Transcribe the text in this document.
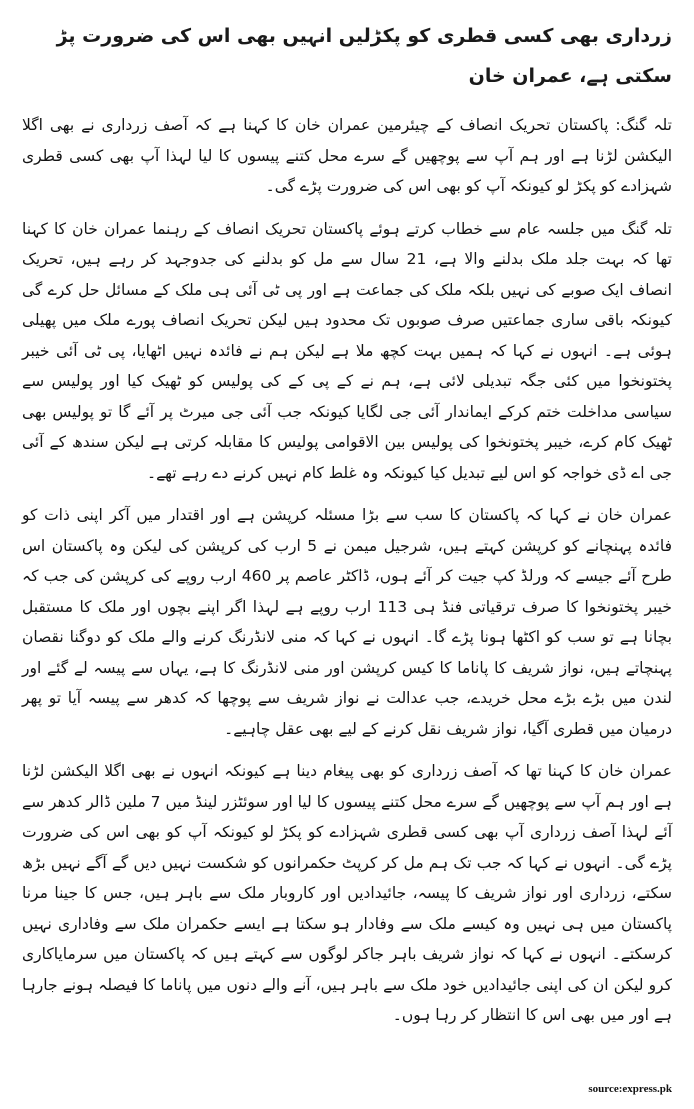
زرداری بھی کسی قطری کو پکڑلیں انہیں بھی اس کی ضرورت پڑ سکتی ہے، عمران خان

تلہ گنگ: پاکستان تحریک انصاف کے چیئرمین عمران خان کا کہنا ہے کہ آصف زرداری نے بھی اگلا الیکشن لڑنا ہے اور ہم آپ سے پوچھیں گے سرے محل کتنے پیسوں کا لیا لہذا آپ بھی کسی قطری شہزادے کو پکڑ لو کیونکہ آپ کو بھی اس کی ضرورت پڑے گی۔

تلہ گنگ میں جلسہ عام سے خطاب کرتے ہوئے پاکستان تحریک انصاف کے رہنما عمران خان کا کہنا تھا کہ بہت جلد ملک بدلنے والا ہے، 21 سال سے مل کو بدلنے کی جدوجہد کر رہے ہیں، تحریک انصاف ایک صوبے کی نہیں بلکہ ملک کی جماعت ہے اور پی ٹی آئی ہی ملک کے مسائل حل کرے گی کیونکہ باقی ساری جماعتیں صرف صوبوں تک محدود ہیں لیکن تحریک انصاف پورے ملک میں پھیلی ہوئی ہے۔ انہوں نے کہا کہ ہمیں بہت کچھ ملا ہے لیکن ہم نے فائدہ نہیں اٹھایا، پی ٹی آئی خیبر پختونخوا میں کئی جگہ تبدیلی لائی ہے، ہم نے کے پی کے کی پولیس کو ٹھیک کیا اور پولیس سے سیاسی مداخلت ختم کرکے ایماندار آئی جی لگایا کیونکہ جب آئی جی میرٹ پر آئے گا تو پولیس بھی ٹھیک کام کرے، خیبر پختونخوا کی پولیس بین الاقوامی پولیس کا مقابلہ کرتی ہے لیکن سندھ کے آئی جی اے ڈی خواجہ کو اس لیے تبدیل کیا کیونکہ وہ غلط کام نہیں کرنے دے رہے تھے۔

عمران خان نے کہا کہ پاکستان کا سب سے بڑا مسئلہ کرپشن ہے اور اقتدار میں آکر اپنی ذات کو فائدہ پہنچانے کو کرپشن کہتے ہیں، شرجیل میمن نے 5 ارب کی کرپشن کی لیکن وہ پاکستان اس طرح آئے جیسے کہ ورلڈ کپ جیت کر آئے ہوں، ڈاکٹر عاصم پر 460 ارب روپے کی کرپشن کی جب کہ خیبر پختونخوا کا صرف ترقیاتی فنڈ ہی 113 ارب روپے ہے لہذا اگر اپنے بچوں اور ملک کا مستقبل بچانا ہے تو سب کو اکٹھا ہونا پڑے گا۔ انہوں نے کہا کہ منی لانڈرنگ کرنے والے ملک کو دوگنا نقصان پہنچاتے ہیں، نواز شریف کا پاناما کا کیس کرپشن اور منی لانڈرنگ کا ہے، یہاں سے پیسہ لے گئے اور لندن میں بڑے بڑے محل خریدے، جب عدالت نے نواز شریف سے پوچھا کہ کدھر سے پیسہ آیا تو پھر درمیان میں قطری آگیا، نواز شریف نقل کرنے کے لیے بھی عقل چاہیے۔

عمران خان کا کہنا تھا کہ آصف زرداری کو بھی پیغام دینا ہے کیونکہ انہوں نے بھی اگلا الیکشن لڑنا ہے اور ہم آپ سے پوچھیں گے سرے محل کتنے پیسوں کا لیا اور سوئٹزر لینڈ میں 7 ملین ڈالر کدھر سے آئے لہذا آصف زرداری آپ بھی کسی قطری شہزادے کو پکڑ لو کیونکہ آپ کو بھی اس کی ضرورت پڑے گی۔ انہوں نے کہا کہ جب تک ہم مل کر کرپٹ حکمرانوں کو شکست نہیں دیں گے آگے نہیں بڑھ سکتے، زرداری اور نواز شریف کا پیسہ، جائیدادیں اور کاروبار ملک سے باہر ہیں، جس کا جینا مرنا پاکستان میں ہی نہیں وہ کیسے ملک سے وفادار ہو سکتا ہے ایسے حکمران ملک سے وفاداری نہیں کرسکتے۔ انہوں نے کہا کہ نواز شریف باہر جاکر لوگوں سے کہتے ہیں کہ پاکستان میں سرمایاکاری کرو لیکن ان کی اپنی جائیدادیں خود ملک سے باہر ہیں، آنے والے دنوں میں پاناما کا فیصلہ ہونے جارہا ہے اور میں بھی اس کا انتظار کر رہا ہوں۔

source:express.pk
